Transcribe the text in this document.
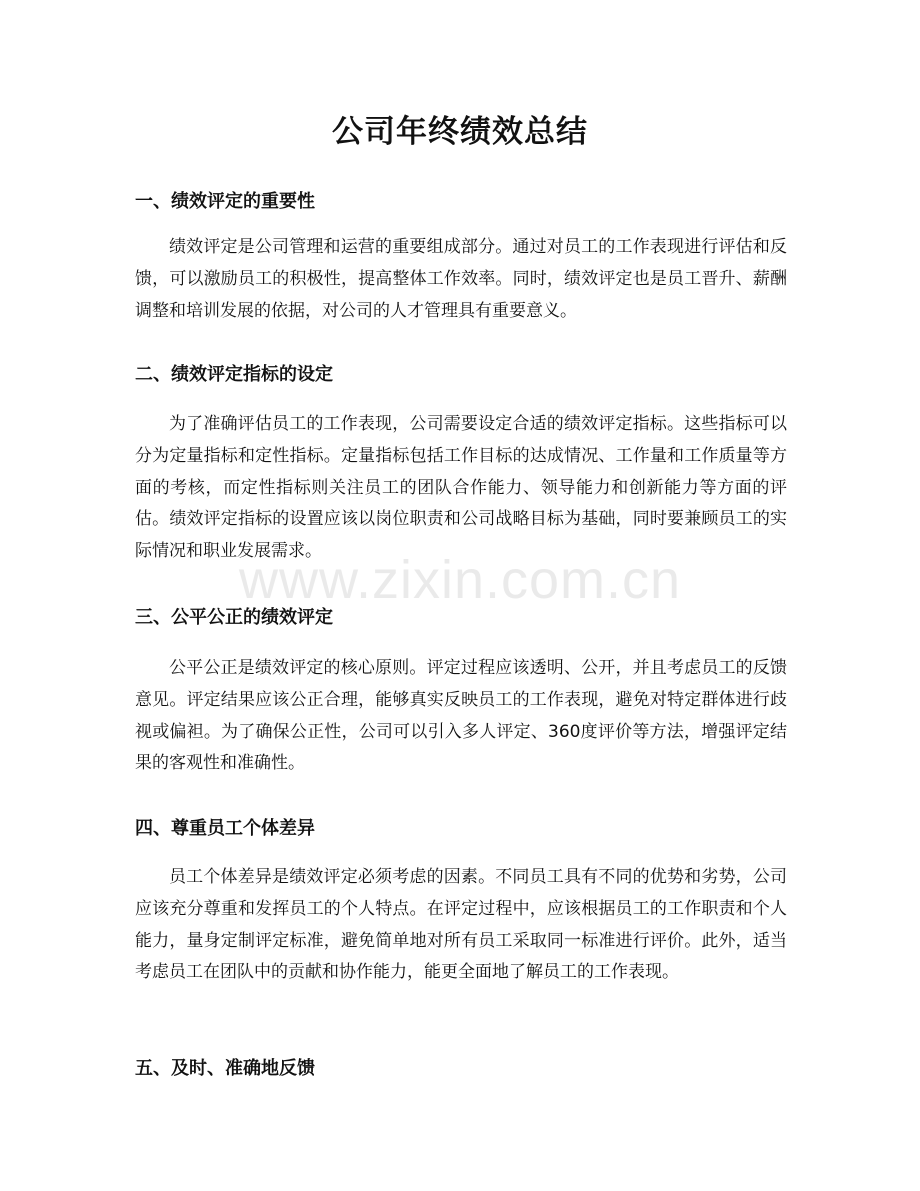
公司年终绩效总结
一、绩效评定的重要性
绩效评定是公司管理和运营的重要组成部分。通过对员工的工作表现进行评估和反馈，可以激励员工的积极性，提高整体工作效率。同时，绩效评定也是员工晋升、薪酬调整和培训发展的依据，对公司的人才管理具有重要意义。
二、绩效评定指标的设定
为了准确评估员工的工作表现，公司需要设定合适的绩效评定指标。这些指标可以分为定量指标和定性指标。定量指标包括工作目标的达成情况、工作量和工作质量等方面的考核，而定性指标则关注员工的团队合作能力、领导能力和创新能力等方面的评估。绩效评定指标的设置应该以岗位职责和公司战略目标为基础，同时要兼顾员工的实际情况和职业发展需求。
三、公平公正的绩效评定
公平公正是绩效评定的核心原则。评定过程应该透明、公开，并且考虑员工的反馈意见。评定结果应该公正合理，能够真实反映员工的工作表现，避免对特定群体进行歧视或偏袒。为了确保公正性，公司可以引入多人评定、360度评价等方法，增强评定结果的客观性和准确性。
四、尊重员工个体差异
员工个体差异是绩效评定必须考虑的因素。不同员工具有不同的优势和劣势，公司应该充分尊重和发挥员工的个人特点。在评定过程中，应该根据员工的工作职责和个人能力，量身定制评定标准，避免简单地对所有员工采取同一标准进行评价。此外，适当考虑员工在团队中的贡献和协作能力，能更全面地了解员工的工作表现。
五、及时、准确地反馈
www.zixin.com.cn
